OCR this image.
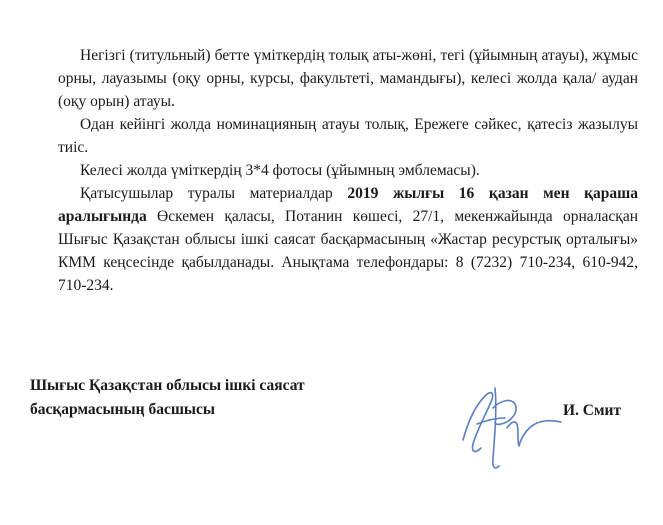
Негізгі (титульный) бетте үміткердің толық аты-жөні, тегі (ұйымның атауы), жұмыс орны, лауазымы (оқу орны, курсы, факультеті, мамандығы), келесі жолда қала/ аудан (оқу орын) атауы.

Одан кейінгі жолда номинацияның атауы толық, Ережеге сәйкес, қатесіз жазылуы тиіс.

Келесі жолда үміткердің 3*4 фотосы (ұйымның эмблемасы).

Қатысушылар туралы материалдар 2019 жылғы 16 қазан мен қараша аралығында Өскемен қаласы, Потанин көшесі, 27/1, мекенжайында орналасқан Шығыс Қазақстан облысы ішкі саясат басқармасының «Жастар ресурстық орталығы» КММ кеңсесінде қабылданады. Анықтама телефондары: 8 (7232) 710-234, 610-942, 710-234.

Шығыс Қазақстан облысы ішкі саясат
басқармасының басшысы	И. Смит
